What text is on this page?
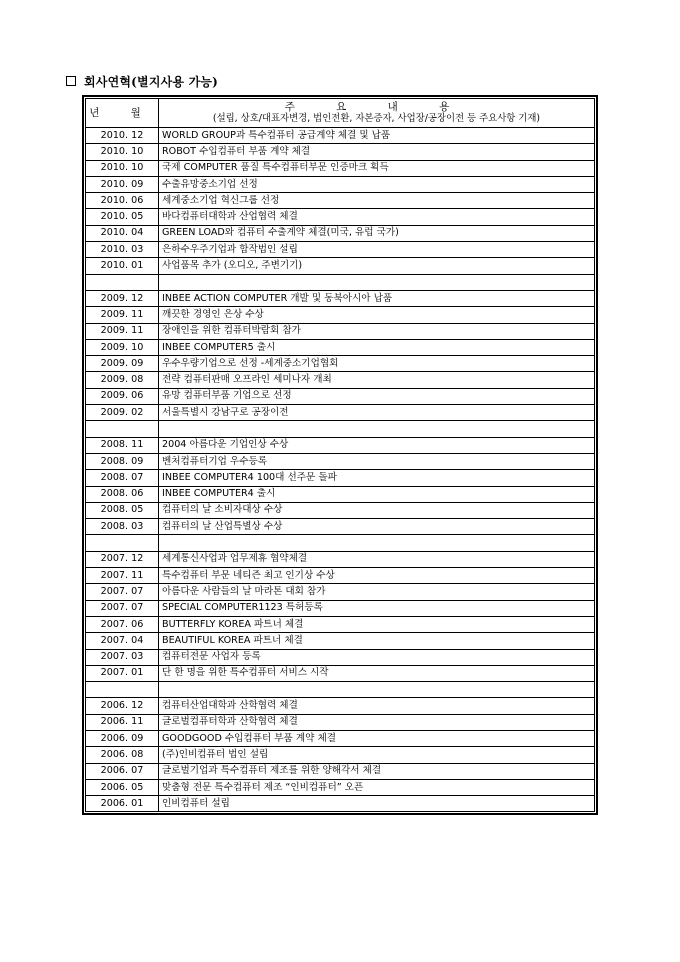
회사연혁(별지사용 가능)
년 월	주 요 내 용
(설립, 상호/대표자변경, 법인전환, 자본증자, 사업장/공장이전 등 주요사항 기재)
2010. 12	WORLD GROUP과 특수컴퓨터 공급계약 체결 및 납품
2010. 10	ROBOT 수입컴퓨터 부품 계약 체결
2010. 10	국제 COMPUTER 품질 특수컴퓨터부문 인증마크 획득
2010. 09	수출유망중소기업 선정
2010. 06	세계중소기업 혁신그룹 선정
2010. 05	바다컴퓨터대학과 산업협력 체결
2010. 04	GREEN LOAD와 컴퓨터 수출계약 체결(미국, 유럽 국가)
2010. 03	은하수우주기업과 합작법인 설립
2010. 01	사업품목 추가 (오디오, 주변기기)

2009. 12	INBEE ACTION COMPUTER 개발 및 동북아시아 납품
2009. 11	깨끗한 경영인 은상 수상
2009. 11	장애인을 위한 컴퓨터박람회 참가
2009. 10	INBEE COMPUTER5 출시
2009. 09	우수우량기업으로 선정 -세계중소기업협회
2009. 08	전략 컴퓨터판매 오프라인 세미나자 개최
2009. 06	유망 컴퓨터부품 기업으로 선정
2009. 02	서울특별시 강남구로 공장이전

2008. 11	2004 아름다운 기업인상 수상
2008. 09	벤처컴퓨터기업 우수등록
2008. 07	INBEE COMPUTER4 100대 선주문 돌파
2008. 06	INBEE COMPUTER4 출시
2008. 05	컴퓨터의 날 소비자대상 수상
2008. 03	컴퓨터의 날 산업특별상 수상

2007. 12	세계통신사업과 업무제휴 협약체결
2007. 11	특수컴퓨터 부문 네티즌 최고 인기상 수상
2007. 07	아름다운 사람들의 날 마라톤 대회 참가
2007. 07	SPECIAL COMPUTER1123 특허등록
2007. 06	BUTTERFLY KOREA 파트너 체결
2007. 04	BEAUTIFUL KOREA 파트너 체결
2007. 03	컴퓨터전문 사업자 등록
2007. 01	단 한 명을 위한 특수컴퓨터 서비스 시작

2006. 12	컴퓨터산업대학과 산학협력 체결
2006. 11	글로벌컴퓨터학과 산학협력 체결
2006. 09	GOODGOOD 수입컴퓨터 부품 계약 체결
2006. 08	(주)인비컴퓨터 법인 설립
2006. 07	글로벌기업과 특수컴퓨터 제조를 위한 양해각서 체결
2006. 05	맞춤형 전문 특수컴퓨터 제조 “인비컴퓨터” 오픈
2006. 01	인비컴퓨터 설립
